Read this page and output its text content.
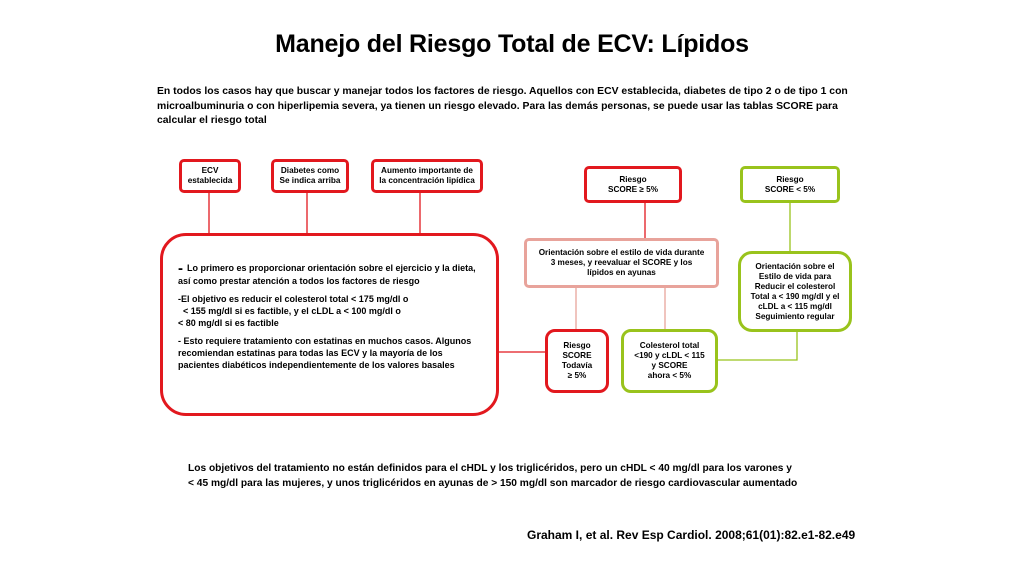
Manejo del Riesgo Total de ECV: Lípidos
En todos los casos hay que buscar y manejar todos los factores de riesgo. Aquellos con ECV establecida, diabetes de tipo 2 o de tipo 1 con microalbuminuria o con hiperlipemia severa, ya tienen un riesgo elevado. Para las demás personas, se puede usar las tablas SCORE para calcular el riesgo total
ECV
establecida
Diabetes como
Se indica arriba
Aumento importante de
la concentración lipídica	Riesgo
SCORE ≥ 5%
Riesgo
SCORE < 5%
Orientación sobre el estilo de vida durante
3 meses, y reevaluar el SCORE y los
lípidos en ayunas
Orientación sobre el
Estilo de vida para
Reducir el colesterol
Total a < 190 mg/dl y el
cLDL a < 115 mg/dl
Seguimiento regular
Riesgo
SCORE
Todavía
≥ 5%
Colesterol total
<190 y cLDL < 115
y SCORE
ahora < 5%

- Lo primero es proporcionar orientación sobre el ejercicio y la dieta, así como prestar atención a todos los factores de riesgo

-El objetivo es reducir el colesterol total < 175 mg/dl o
< 155 mg/dl si es factible, y el cLDL a < 100 mg/dl o
< 80 mg/dl si es factible

- Esto requiere tratamiento con estatinas en muchos casos. Algunos recomiendan estatinas para todas las ECV y la mayoría de los pacientes diabéticos independientemente de los valores basales

Los objetivos del tratamiento no están definidos para el cHDL y los triglicéridos, pero un cHDL < 40 mg/dl para los varones y
< 45 mg/dl para las mujeres, y unos triglicéridos en ayunas de > 150 mg/dl son marcador de riesgo cardiovascular aumentado
Graham I, et al. Rev Esp Cardiol. 2008;61(01):82.e1-82.e49
